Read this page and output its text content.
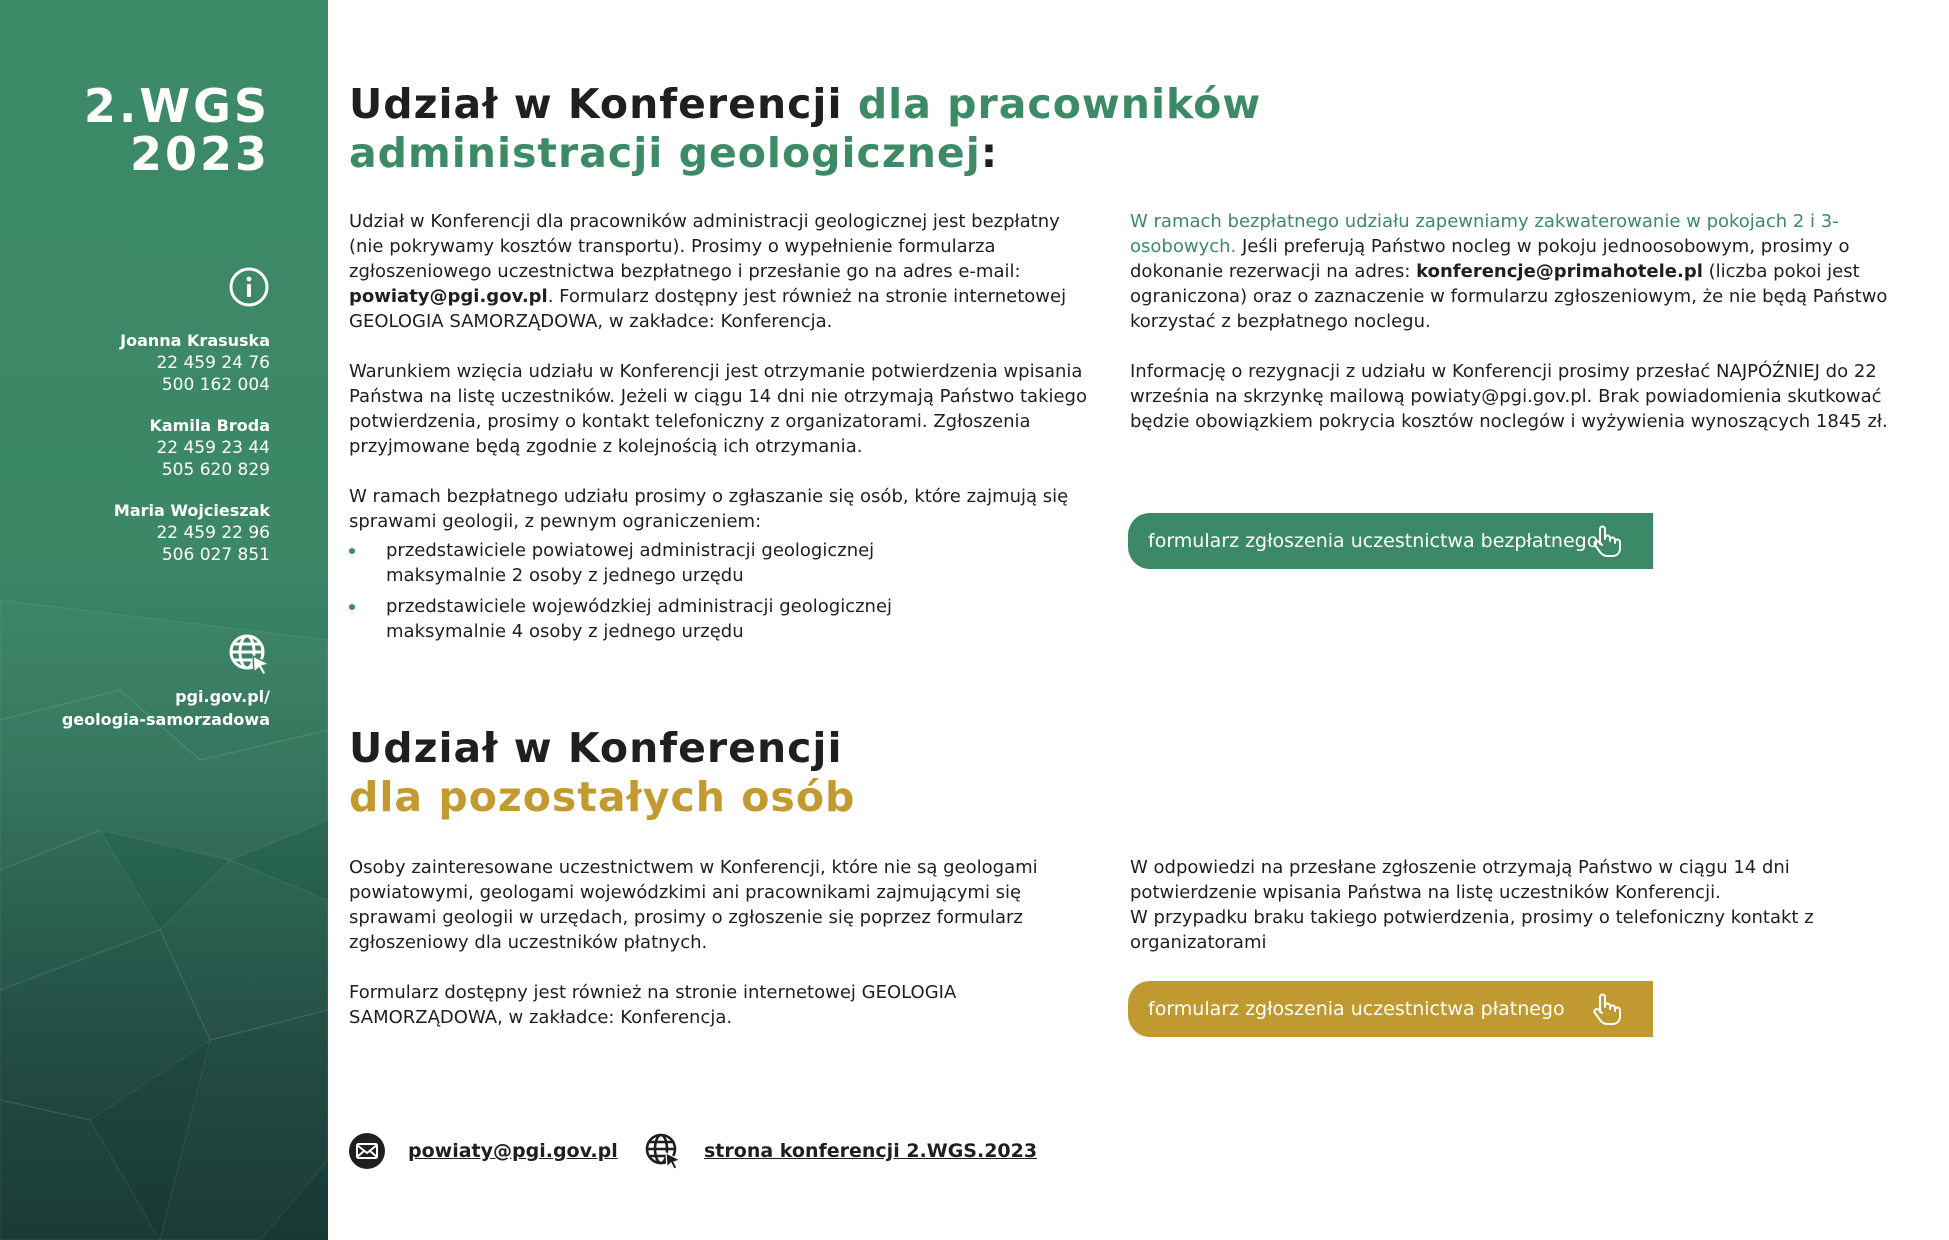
2.WGS
2023
Joanna Krasuska
22 459 24 76
500 162 004
Kamila Broda
22 459 23 44
505 620 829
Maria Wojcieszak
22 459 22 96
506 027 851
pgi.gov.pl/
geologia-samorzadowa
Udział w Konferencji dla pracowników
administracji geologicznej:

Udział w Konferencji dla pracowników administracji geologicznej jest bezpłatny (nie pokrywamy kosztów transportu). Prosimy o wypełnienie formularza zgłoszeniowego uczestnictwa bezpłatnego i przesłanie go na adres e-mail: powiaty@pgi.gov.pl. Formularz dostępny jest również na stronie internetowej GEOLOGIA SAMORZĄDOWA, w zakładce: Konferencja.

Warunkiem wzięcia udziału w Konferencji jest otrzymanie potwierdzenia wpisania Państwa na listę uczestników. Jeżeli w ciągu 14 dni nie otrzymają Państwo takiego potwierdzenia, prosimy o kontakt telefoniczny z organizatorami. Zgłoszenia przyjmowane będą zgodnie z kolejnością ich otrzymania.

W ramach bezpłatnego udziału prosimy o zgłaszanie się osób, które zajmują się sprawami geologii, z pewnym ograniczeniem:

przedstawiciele powiatowej administracji geologicznej maksymalnie 2 osoby z jednego urzędu
przedstawiciele wojewódzkiej administracji geologicznej maksymalnie 4 osoby z jednego urzędu

W ramach bezpłatnego udziału zapewniamy zakwaterowanie w pokojach 2 i 3-osobowych. Jeśli preferują Państwo nocleg w pokoju jednoosobowym, prosimy o dokonanie rezerwacji na adres: konferencje@primahotele.pl (liczba pokoi jest ograniczona) oraz o zaznaczenie w formularzu zgłoszeniowym, że nie będą Państwo korzystać z bezpłatnego noclegu.

Informację o rezygnacji z udziału w Konferencji prosimy przesłać NAJPÓŹNIEJ do 22 września na skrzynkę mailową powiaty@pgi.gov.pl. Brak powiadomienia skutkować będzie obowiązkiem pokrycia kosztów noclegów i wyżywienia wynoszących 1845 zł.

formularz zgłoszenia uczestnictwa bezpłatnego
Udział w Konferencji
dla pozostałych osób

Osoby zainteresowane uczestnictwem w Konferencji, które nie są geologami powiatowymi, geologami wojewódzkimi ani pracownikami zajmującymi się sprawami geologii w urzędach, prosimy o zgłoszenie się poprzez formularz zgłoszeniowy dla uczestników płatnych.

Formularz dostępny jest również na stronie internetowej GEOLOGIA SAMORZĄDOWA, w zakładce: Konferencja.

W odpowiedzi na przesłane zgłoszenie otrzymają Państwo w ciągu 14 dni potwierdzenie wpisania Państwa na listę uczestników Konferencji.

W przypadku braku takiego potwierdzenia, prosimy o telefoniczny kontakt z organizatorami

formularz zgłoszenia uczestnictwa płatnego
powiaty@pgi.gov.pl	strona konferencji 2.WGS.2023
